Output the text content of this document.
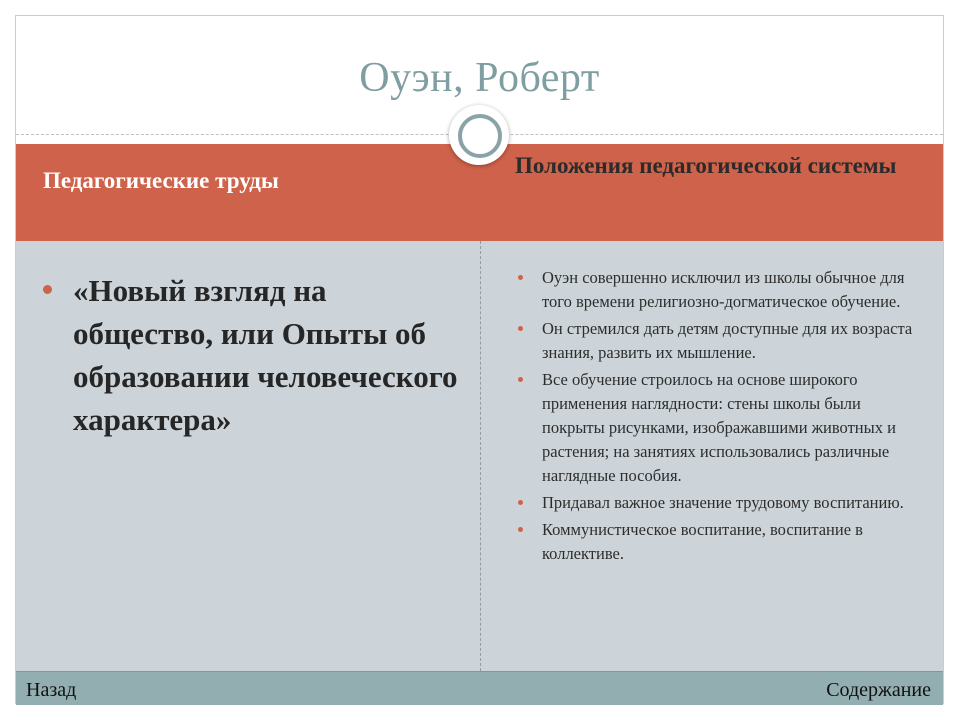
Оуэн, Роберт
Педагогические труды
Положения педагогической системы
«Новый взгляд на общество, или Опыты об образовании человеческого характера»
Оуэн совершенно исключил из школы обычное для того времени религиозно-догматическое обучение.
Он стремился дать детям доступные для их возраста знания, развить их мышление.
Все обучение строилось на основе широкого применения наглядности: стены школы были покрыты рисунками, изображавшими животных и растения; на занятиях использовались различные наглядные пособия.
Придавал важное значение трудовому воспитанию.
Коммунистическое воспитание, воспитание в коллективе.
Назад	Содержание
